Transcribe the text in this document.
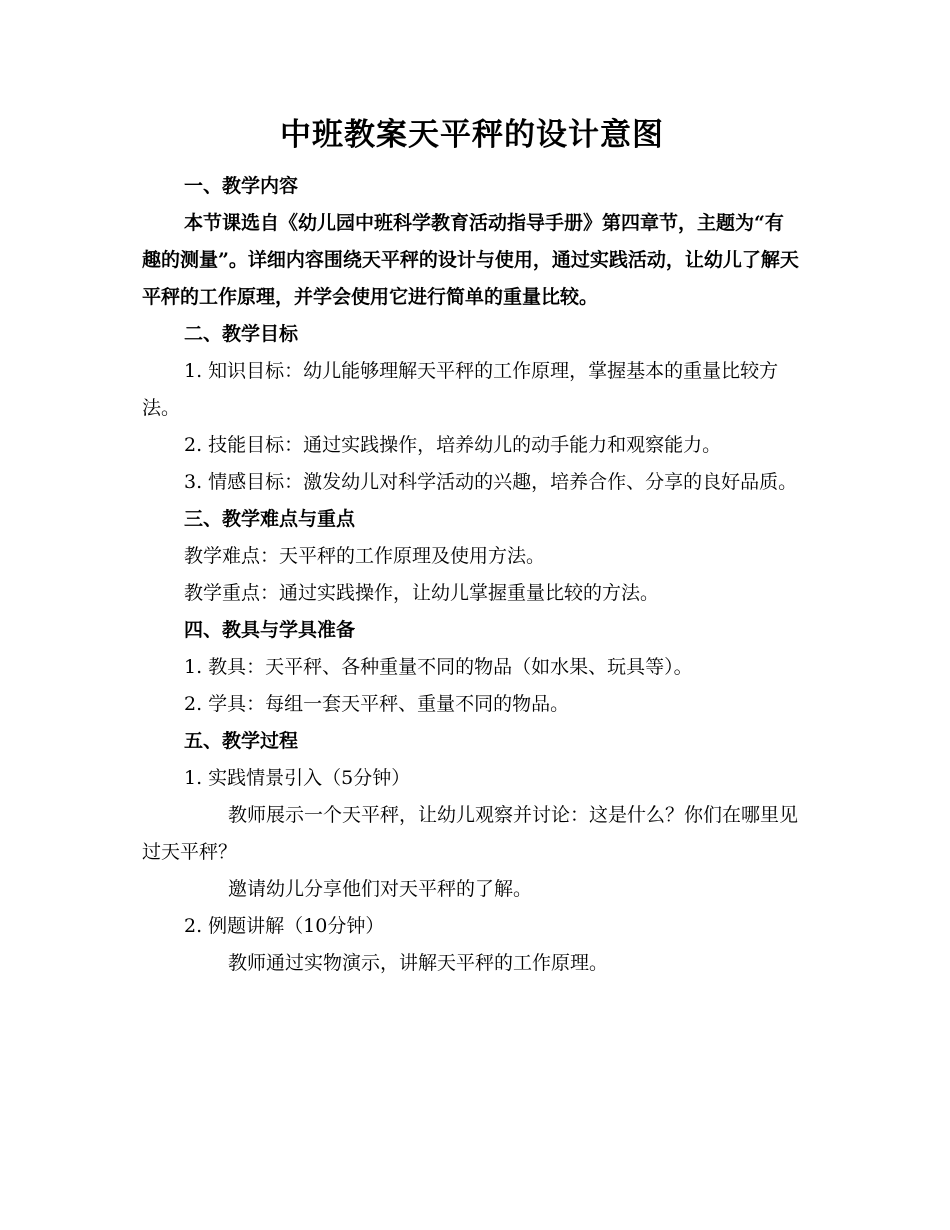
中班教案天平秤的设计意图

一、教学内容

本节课选自《幼儿园中班科学教育活动指导手册》第四章节，主题为“有趣的测量”。详细内容围绕天平秤的设计与使用，通过实践活动，让幼儿了解天平秤的工作原理，并学会使用它进行简单的重量比较。

二、教学目标

1. 知识目标：幼儿能够理解天平秤的工作原理，掌握基本的重量比较方法。

2. 技能目标：通过实践操作，培养幼儿的动手能力和观察能力。

3. 情感目标：激发幼儿对科学活动的兴趣，培养合作、分享的良好品质。

三、教学难点与重点

教学难点：天平秤的工作原理及使用方法。

教学重点：通过实践操作，让幼儿掌握重量比较的方法。

四、教具与学具准备

1. 教具：天平秤、各种重量不同的物品（如水果、玩具等）。

2. 学具：每组一套天平秤、重量不同的物品。

五、教学过程

1. 实践情景引入（5分钟）

教师展示一个天平秤，让幼儿观察并讨论：这是什么？你们在哪里见过天平秤？

邀请幼儿分享他们对天平秤的了解。

2. 例题讲解（10分钟）

教师通过实物演示，讲解天平秤的工作原理。
